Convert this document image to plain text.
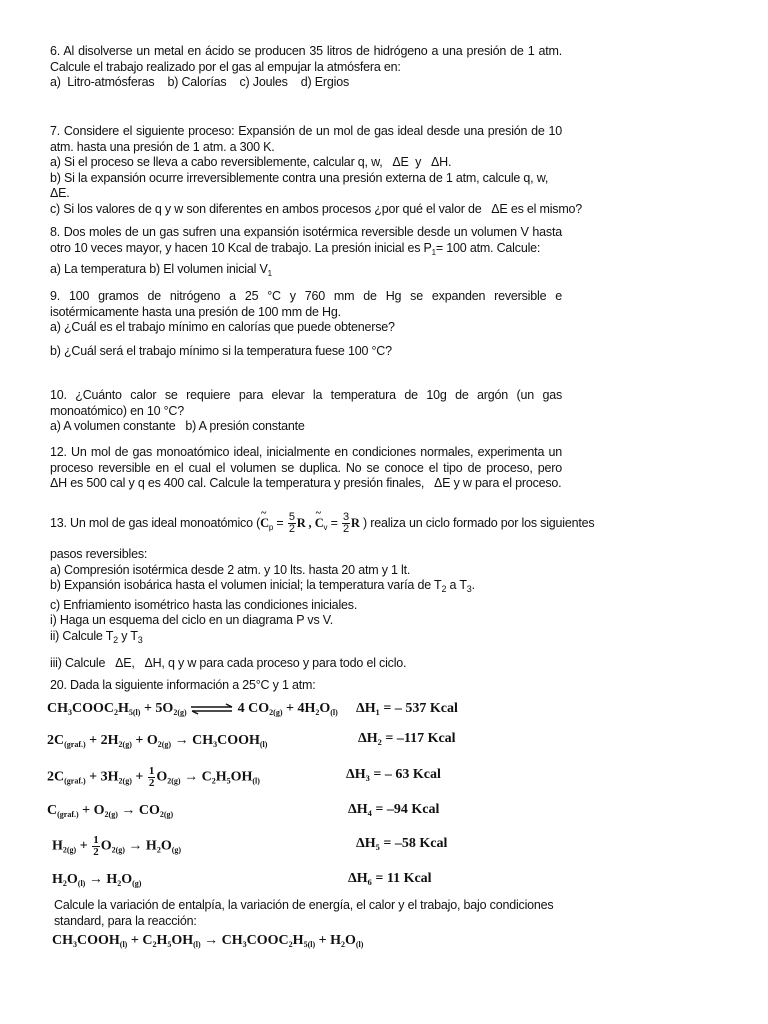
6. Al disolverse un metal en ácido se producen 35 litros de hidrógeno a una presión de 1 atm. Calcule el trabajo realizado por el gas al empujar la atmósfera en:

a)  Litro-atmósferas    b) Calorías    c) Joules    d) Ergios

7. Considere el siguiente proceso: Expansión de un mol de gas ideal desde una presión de 10 atm. hasta una presión de 1 atm. a 300 K.

a) Si el proceso se lleva a cabo reversiblemente, calcular q, w,   ΔE  y   ΔH.

b) Si la expansión ocurre irreversiblemente contra una presión externa de 1 atm, calcule q, w, ΔE.

c) Si los valores de q y w son diferentes en ambos procesos ¿por qué el valor de   ΔE es el mismo?

8. Dos moles de un gas sufren una expansión isotérmica reversible desde un volumen V hasta otro 10 veces mayor, y hacen 10 Kcal de trabajo. La presión inicial es $P_1= 100$ atm. Calcule:

a) La temperatura b) El volumen inicial $V_1$

9. 100 gramos de nitrógeno a 25 °C y 760 mm de Hg se expanden reversible e isotérmicamente hasta una presión de 100 mm de Hg.

a) ¿Cuál es el trabajo mínimo en calorías que puede obtenerse?

b) ¿Cuál será el trabajo mínimo si la temperatura fuese 100 °C?

10. ¿Cuánto calor se requiere para elevar la temperatura de 10g de argón (un gas monoatómico) en 10 °C?

a) A volumen constante   b) A presión constante

12. Un mol de gas monoatómico ideal, inicialmente en condiciones normales, experimenta un proceso reversible en el cual el volumen se duplica. No se conoce el tipo de proceso, pero    ΔH es 500 cal y q es 400 cal. Calcule la temperatura y presión finales,   ΔE y w para el proceso.

13. Un mol de gas ideal monoatómico (~ $C_p = \frac{5}{2}$ R , ~ $C_v = \frac{3}{2}$ R ) realiza un ciclo formado por los siguientes

pasos reversibles:

a) Compresión isotérmica desde 2 atm. y 10 lts. hasta 20 atm y 1 lt.

b) Expansión isobárica hasta el volumen inicial; la temperatura varía de $T_2$ a $T_3$.

c) Enfriamiento isométrico hasta las condiciones iniciales.

i) Haga un esquema del ciclo en un diagrama P vs V.

ii) Calcule $T_2$ y $T_3$

iii) Calcule   ΔE,   ΔH, q y w para cada proceso y para todo el ciclo.

20. Dada la siguiente información a 25°C y 1 atm:

$CH_3COOC_2H_{5(l)} + 5O_{2(g)}$ ⇌ 4 $CO_{2(g)} + 4H_2O_{(l)}$ ΔH₁ = – 537 Kcal
$2C_{(graf.)} + 2H_{2(g)} + O_{2(g)}$ → $CH_3COOH_{(l)}$	ΔH₂ = –117 Kcal
$2C_{(graf.)} + 3H_{2(g)} + \frac{1}{2} O_{2(g)} \to C_2H_5OH_{(l)}$	ΔH₃ = – 63 Kcal
$C_{(graf.)} + O_{2(g)} \to CO_{2(g)}$	ΔH₄ = –94 Kcal
$H_{2(g)} + \frac{1}{2} O_{2(g)} \to H_2O_{(g)}$	ΔH₅ = –58 Kcal
$H_2O_{(l)} \to H_2O_{(g)}$	ΔH₆ = 11 Kcal

Calcule la variación de entalpía, la variación de energía, el calor y el trabajo, bajo condiciones standard, para la reacción:

$CH_3COOH_{(l)} + C_2H_5OH_{(l)}$ → $CH_3COOC_2H_{5(l)} + H_2O_{(l)}$
